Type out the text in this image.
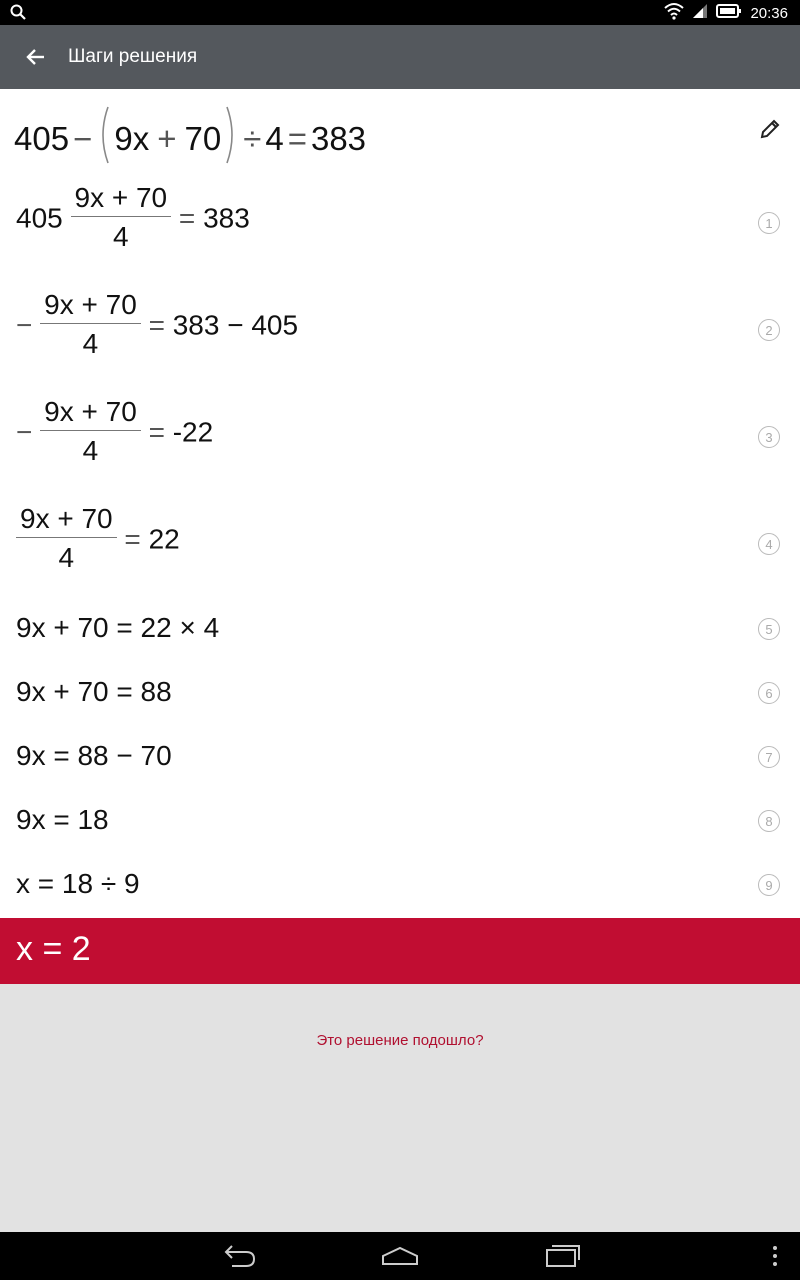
20:36
Шаги решения
405 − 9x + 70 ÷ 4 = 383
$405 \frac{9x + 70}{4} = 383$	1
− $\frac{9x + 70}{4} = 383 - 405$	2
− $\frac{9x + 70}{4} = -22$	3
$\frac{9x + 70}{4} = 22$	4
9x + 70 = 22 × 4	5
9x + 70 = 88	6
9x = 88 − 70	7
9x = 18	8
x = 18 ÷ 9	9
x = 2
Это решение подошло?
